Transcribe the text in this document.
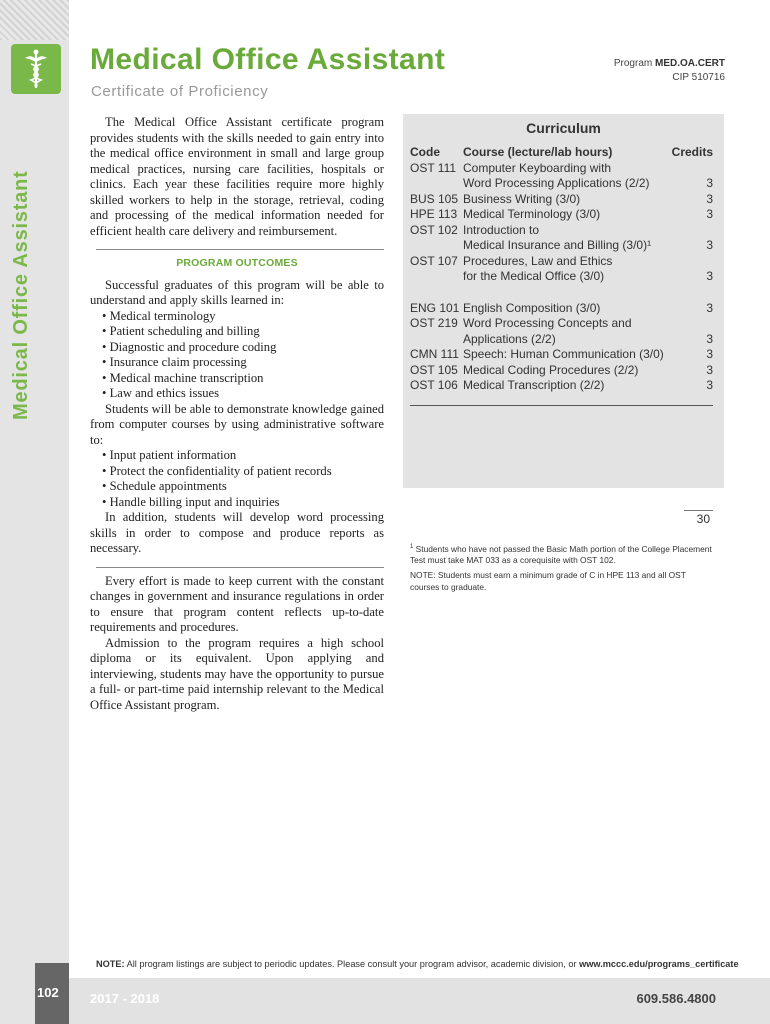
Medical Office Assistant
102
Medical Office Assistant
Certificate of Proficiency
Program MED.OA.CERT
CIP 510716

The Medical Office Assistant certificate program provides students with the skills needed to gain entry into the medical office environment in small and large group medical practices, nursing care facilities, hospitals or clinics. Each year these facilities require more highly skilled workers to help in the storage, retrieval, coding and processing of the medical information needed for efficient health care delivery and reimbursement.

PROGRAM OUTCOMES

Successful graduates of this program will be able to understand and apply skills learned in:

• Medical terminology
• Patient scheduling and billing
• Diagnostic and procedure coding
• Insurance claim processing
• Medical machine transcription
• Law and ethics issues

Students will be able to demonstrate knowledge gained from computer courses by using administrative software to:

• Input patient information
• Protect the confidentiality of patient records
• Schedule appointments
• Handle billing input and inquiries

In addition, students will develop word processing skills in order to compose and produce reports as necessary.

Every effort is made to keep current with the constant changes in government and insurance regulations in order to ensure that program content reflects up-to-date requirements and procedures.

Admission to the program requires a high school diploma or its equivalent. Upon applying and interviewing, students may have the opportunity to pursue a full- or part-time paid internship relevant to the Medical Office Assistant program.

Curriculum
Code Course (lecture/lab hours)	Credits
OST 111 Computer Keyboarding with
Word Processing Applications (2/2)	3
BUS 105 Business Writing (3/0)	3
HPE 113 Medical Terminology (3/0)	3
OST 102 Introduction to
Medical Insurance and Billing (3/0)¹	3
OST 107 Procedures, Law and Ethics
for the Medical Office (3/0)	3
ENG 101 English Composition (3/0)	3
OST 219 Word Processing Concepts and
Applications (2/2)	3
CMN 111 Speech: Human Communication (3/0)	3
OST 105 Medical Coding Procedures (2/2)	3
OST 106 Medical Transcription (2/2)	3
30
$^1$ Students who have not passed the Basic Math portion of the College Placement Test must take MAT 033 as a corequisite with OST 102.
NOTE: Students must earn a minimum grade of C in HPE 113 and all OST courses to graduate.
NOTE: All program listings are subject to periodic updates. Please consult your program advisor, academic division, or www.mccc.edu/programs_certificate
2017 - 2018	609.586.4800
